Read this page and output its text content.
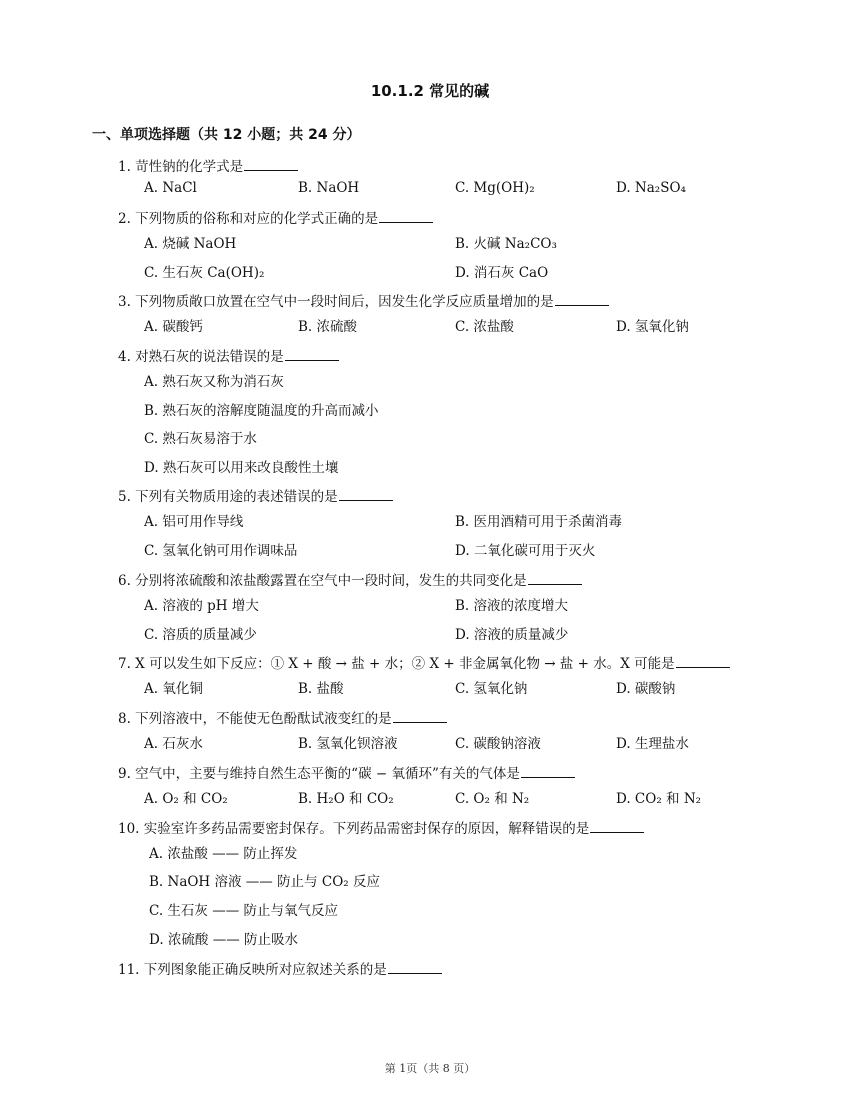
10.1.2 常见的碱
一、单项选择题（共 12 小题；共 24 分）
1. 苛性钠的化学式是
A. NaCl	B. NaOH	C. Mg(OH)₂	D. Na₂SO₄
2. 下列物质的俗称和对应的化学式正确的是
A. 烧碱 NaOH	B. 火碱 Na₂CO₃
C. 生石灰 Ca(OH)₂	D. 消石灰 CaO
3. 下列物质敞口放置在空气中一段时间后，因发生化学反应质量增加的是
A. 碳酸钙	B. 浓硫酸	C. 浓盐酸	D. 氢氧化钠
4. 对熟石灰的说法错误的是
A. 熟石灰又称为消石灰
B. 熟石灰的溶解度随温度的升高而减小
C. 熟石灰易溶于水
D. 熟石灰可以用来改良酸性土壤
5. 下列有关物质用途的表述错误的是
A. 铝可用作导线	B. 医用酒精可用于杀菌消毒
C. 氢氧化钠可用作调味品	D. 二氧化碳可用于灭火
6. 分别将浓硫酸和浓盐酸露置在空气中一段时间，发生的共同变化是
A. 溶液的 pH 增大	B. 溶液的浓度增大
C. 溶质的质量减少	D. 溶液的质量减少
7. X 可以发生如下反应：① X + 酸 → 盐 + 水；② X + 非金属氧化物 → 盐 + 水。X 可能是
A. 氧化铜	B. 盐酸	C. 氢氧化钠	D. 碳酸钠
8. 下列溶液中，不能使无色酚酞试液变红的是
A. 石灰水	B. 氢氧化钡溶液	C. 碳酸钠溶液	D. 生理盐水
9. 空气中，主要与维持自然生态平衡的“碳 − 氧循环”有关的气体是
A. O₂ 和 CO₂	B. H₂O 和 CO₂	C. O₂ 和 N₂	D. CO₂ 和 N₂
10. 实验室许多药品需要密封保存。下列药品需密封保存的原因，解释错误的是
A. 浓盐酸 —— 防止挥发
B. NaOH 溶液 —— 防止与 CO₂ 反应
C. 生石灰 —— 防止与氧气反应
D. 浓硫酸 —— 防止吸水
11. 下列图象能正确反映所对应叙述关系的是
第 1页（共 8 页）
